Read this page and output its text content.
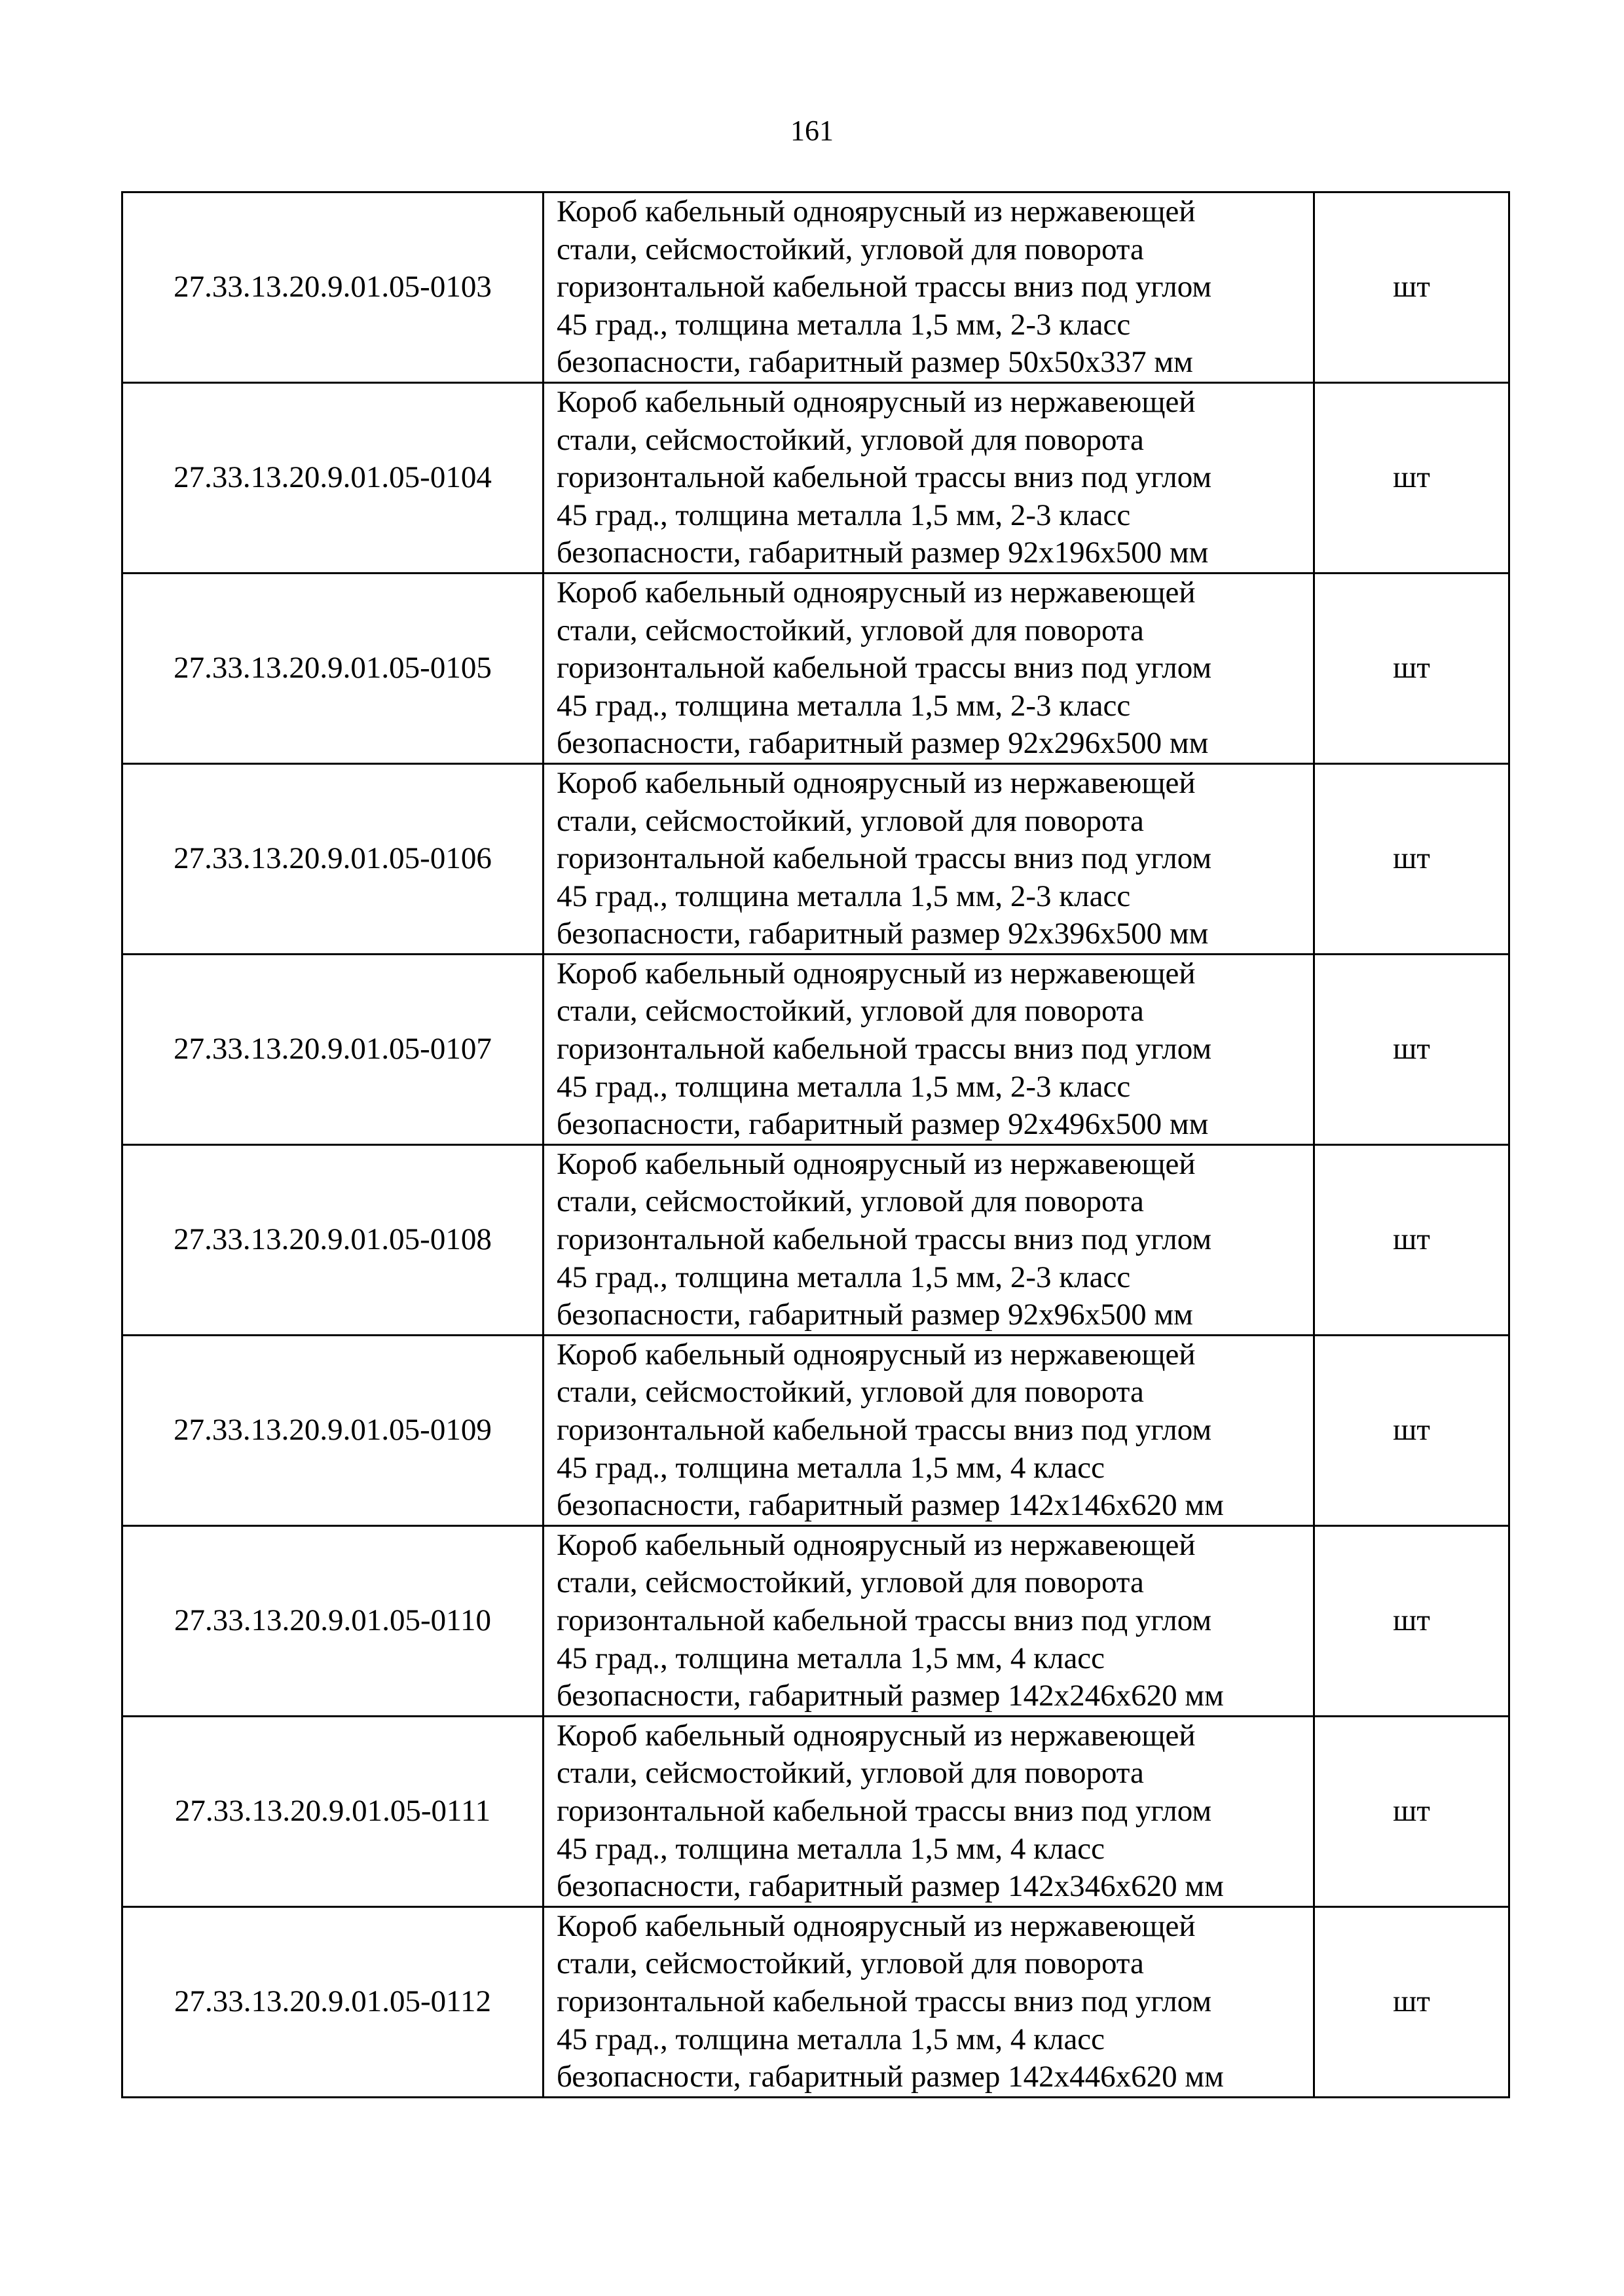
161
27.33.13.20.9.01.05-0103	Короб кабельный одноярусный из нержавеющей
стали, сейсмостойкий, угловой для поворота
горизонтальной кабельной трассы вниз под углом
45 град., толщина металла 1,5 мм, 2-3 класс
безопасности, габаритный размер 50x50x337 мм	шт
27.33.13.20.9.01.05-0104	Короб кабельный одноярусный из нержавеющей
стали, сейсмостойкий, угловой для поворота
горизонтальной кабельной трассы вниз под углом
45 град., толщина металла 1,5 мм, 2-3 класс
безопасности, габаритный размер 92x196x500 мм	шт
27.33.13.20.9.01.05-0105	Короб кабельный одноярусный из нержавеющей
стали, сейсмостойкий, угловой для поворота
горизонтальной кабельной трассы вниз под углом
45 град., толщина металла 1,5 мм, 2-3 класс
безопасности, габаритный размер 92x296x500 мм	шт
27.33.13.20.9.01.05-0106	Короб кабельный одноярусный из нержавеющей
стали, сейсмостойкий, угловой для поворота
горизонтальной кабельной трассы вниз под углом
45 град., толщина металла 1,5 мм, 2-3 класс
безопасности, габаритный размер 92x396x500 мм	шт
27.33.13.20.9.01.05-0107	Короб кабельный одноярусный из нержавеющей
стали, сейсмостойкий, угловой для поворота
горизонтальной кабельной трассы вниз под углом
45 град., толщина металла 1,5 мм, 2-3 класс
безопасности, габаритный размер 92x496x500 мм	шт
27.33.13.20.9.01.05-0108	Короб кабельный одноярусный из нержавеющей
стали, сейсмостойкий, угловой для поворота
горизонтальной кабельной трассы вниз под углом
45 град., толщина металла 1,5 мм, 2-3 класс
безопасности, габаритный размер 92x96x500 мм	шт
27.33.13.20.9.01.05-0109	Короб кабельный одноярусный из нержавеющей
стали, сейсмостойкий, угловой для поворота
горизонтальной кабельной трассы вниз под углом
45 град., толщина металла 1,5 мм, 4 класс
безопасности, габаритный размер 142x146x620 мм	шт
27.33.13.20.9.01.05-0110	Короб кабельный одноярусный из нержавеющей
стали, сейсмостойкий, угловой для поворота
горизонтальной кабельной трассы вниз под углом
45 град., толщина металла 1,5 мм, 4 класс
безопасности, габаритный размер 142x246x620 мм	шт
27.33.13.20.9.01.05-0111	Короб кабельный одноярусный из нержавеющей
стали, сейсмостойкий, угловой для поворота
горизонтальной кабельной трассы вниз под углом
45 град., толщина металла 1,5 мм, 4 класс
безопасности, габаритный размер 142x346x620 мм	шт
27.33.13.20.9.01.05-0112	Короб кабельный одноярусный из нержавеющей
стали, сейсмостойкий, угловой для поворота
горизонтальной кабельной трассы вниз под углом
45 град., толщина металла 1,5 мм, 4 класс
безопасности, габаритный размер 142x446x620 мм	шт
